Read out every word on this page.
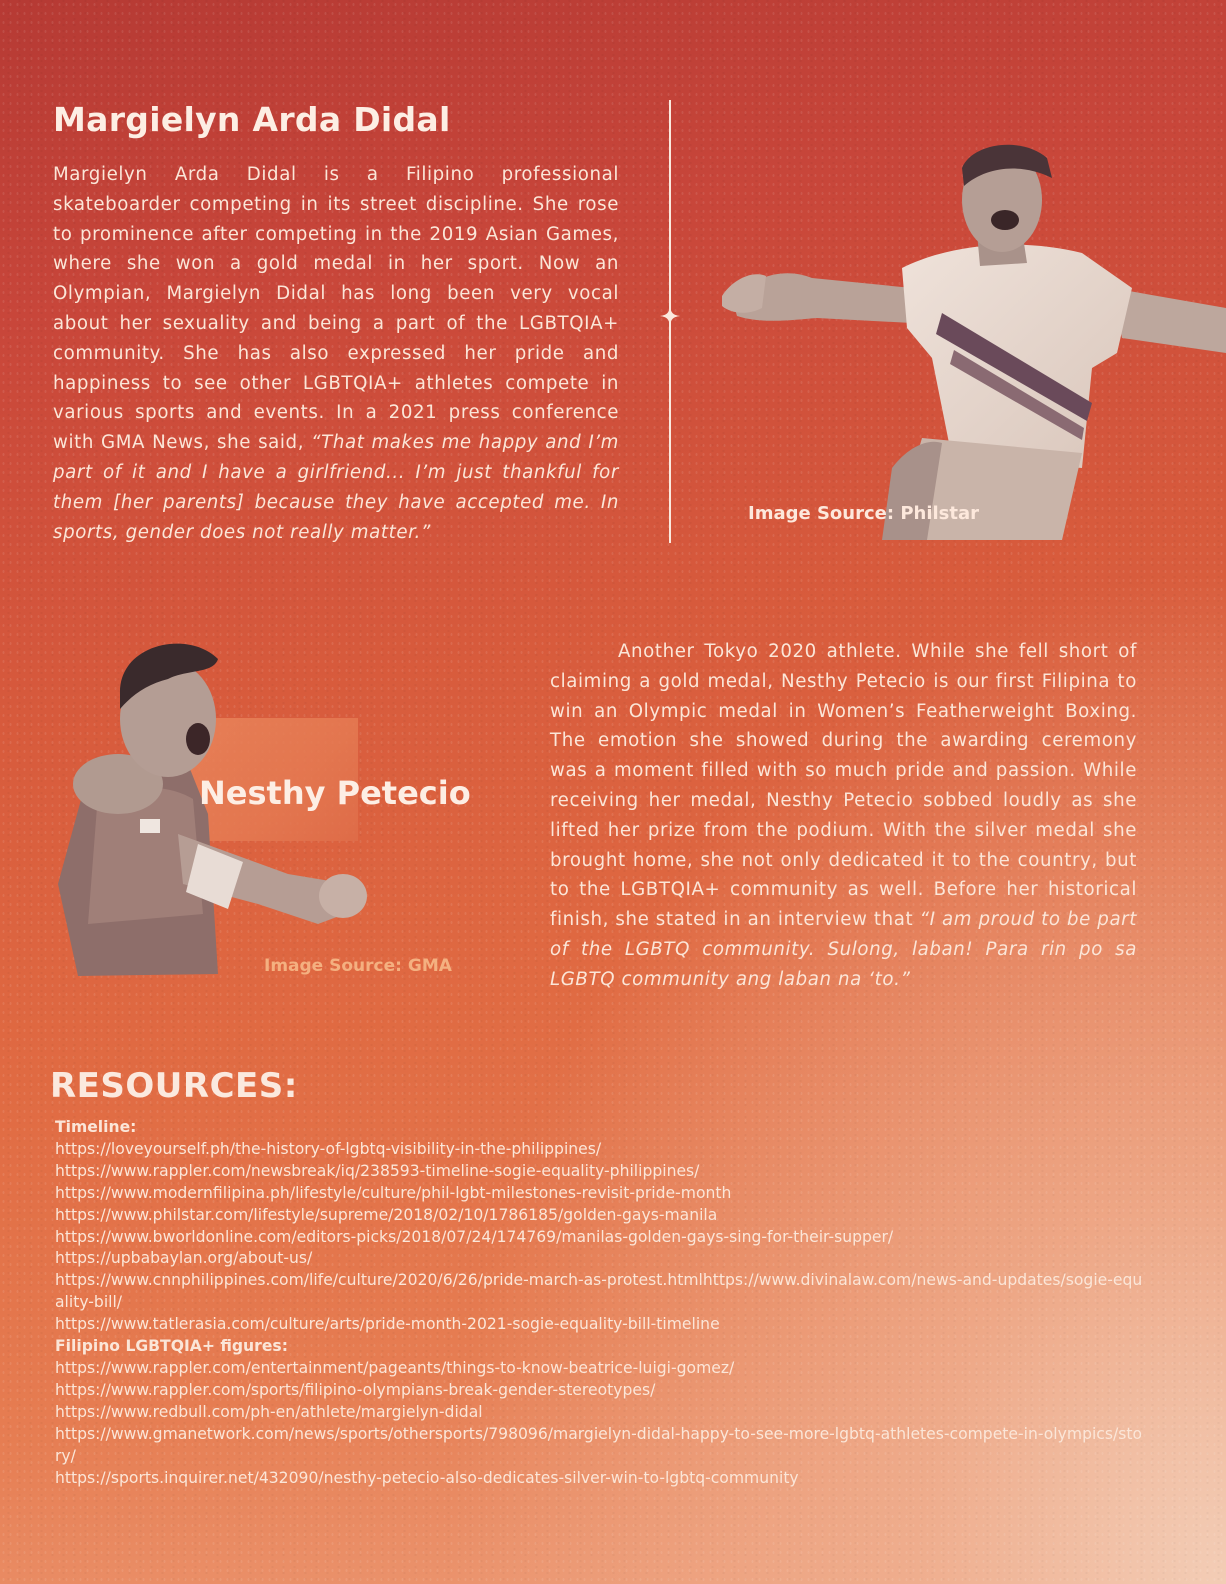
Margielyn Arda Didal

Margielyn Arda Didal is a Filipino professional skateboarder competing in its street discipline. She rose to prominence after competing in the 2019 Asian Games, where she won a gold medal in her sport. Now an Olympian, Margielyn Didal has long been very vocal about her sexuality and being a part of the LGBTQIA+ community. She has also expressed her pride and happiness to see other LGBTQIA+ athletes compete in various sports and events. In a 2021 press conference with GMA News, she said, “That makes me happy and I’m part of it and I have a girlfriend... I’m just thankful for them [her parents] because they have accepted me. In sports, gender does not really matter.”

Image Source: Philstar

Nesthy Petecio

Image Source: GMA

Another Tokyo 2020 athlete. While she fell short of claiming a gold medal, Nesthy Petecio is our first Filipina to win an Olympic medal in Women’s Featherweight Boxing. The emotion she showed during the awarding ceremony was a moment filled with so much pride and passion. While receiving her medal, Nesthy Petecio sobbed loudly as she lifted her prize from the podium. With the silver medal she brought home, she not only dedicated it to the country, but to the LGBTQIA+ community as well. Before her historical finish, she stated in an interview that “I am proud to be part of the LGBTQ community. Sulong, laban! Para rin po sa LGBTQ community ang laban na ‘to.”

RESOURCES:
Timeline:
https://loveyourself.ph/the-history-of-lgbtq-visibility-in-the-philippines/
https://www.rappler.com/newsbreak/iq/238593-timeline-sogie-equality-philippines/
https://www.modernfilipina.ph/lifestyle/culture/phil-lgbt-milestones-revisit-pride-month
https://www.philstar.com/lifestyle/supreme/2018/02/10/1786185/golden-gays-manila
https://www.bworldonline.com/editors-picks/2018/07/24/174769/manilas-golden-gays-sing-for-their-supper/
https://upbabaylan.org/about-us/
https://www.cnnphilippines.com/life/culture/2020/6/26/pride-march-as-protest.htmlhttps://www.divinalaw.com/news-and-updates/sogie-equality-bill/
https://www.tatlerasia.com/culture/arts/pride-month-2021-sogie-equality-bill-timeline
Filipino LGBTQIA+ figures:
https://www.rappler.com/entertainment/pageants/things-to-know-beatrice-luigi-gomez/
https://www.rappler.com/sports/filipino-olympians-break-gender-stereotypes/
https://www.redbull.com/ph-en/athlete/margielyn-didal
https://www.gmanetwork.com/news/sports/othersports/798096/margielyn-didal-happy-to-see-more-lgbtq-athletes-compete-in-olympics/story/
https://sports.inquirer.net/432090/nesthy-petecio-also-dedicates-silver-win-to-lgbtq-community
